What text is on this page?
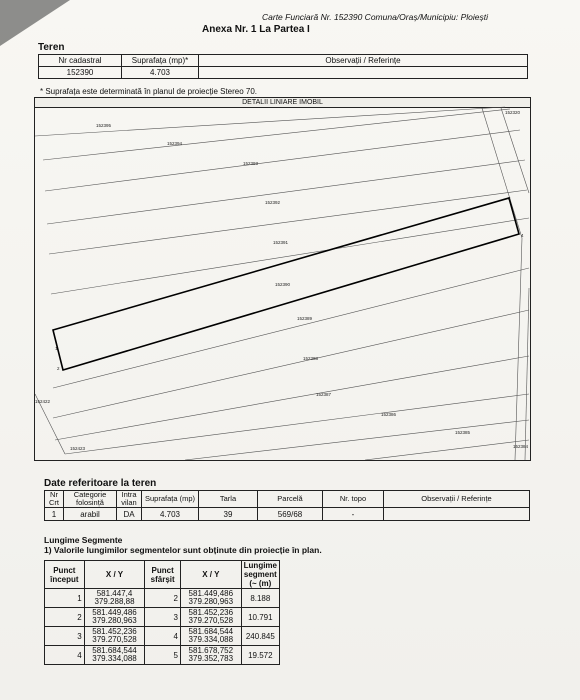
Carte Funciară Nr. 152390 Comuna/Oraș/Municipiu: Ploiești
Anexa Nr. 1 La Partea I
Teren
Nr cadastral	Suprafața (mp)*	Observații / Referințe
152390	4.703	
* Suprafața este determinată în planul de proiecție Stereo 70.
DETALII LINIARE IMOBIL
152395
152394
152393
152392
152391
152390
152389
152388
152387
152386
152385
152422
152423
152320
152384
1
2
3
4
Date referitoare la teren
Nr Crt	Categorie folosință	Intra vilan	Suprafața (mp)	Tarla	Parcelă	Nr. topo	Observații / Referințe
1	arabil	DA	4.703	39	569/68	-	
Lungime Segmente
1) Valorile lungimilor segmentelor sunt obținute din proiecție în plan.
Punct început	X / Y	Punct sfârșit	X / Y	Lungime segment (~ (m)
1	581.447,4
379.288,88	2	581.449,486
379.280,963	8.188
2	581.449,486
379.280,963	3	581.452,236
379.270,528	10.791
3	581.452,236
379.270,528	4	581.684,544
379.334,088	240.845
4	581.684,544
379.334,088	5	581.678,752
379.352,783	19.572
